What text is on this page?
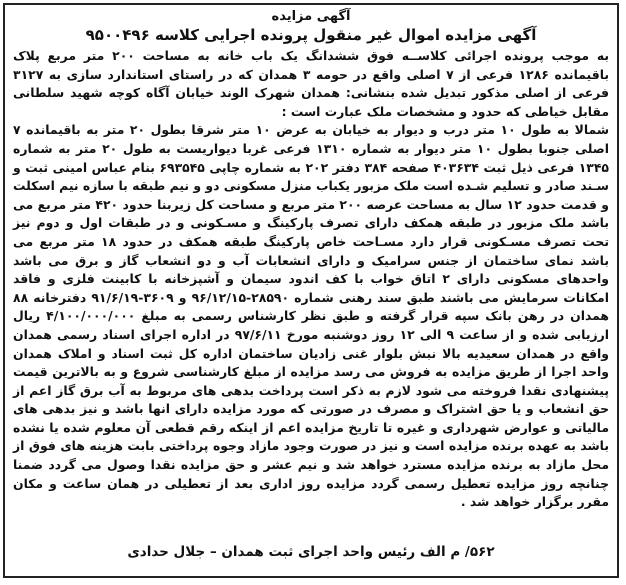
آگهی مزایده
آگهی مزایده اموال غیر منقول پرونده اجرایی کلاسه ۹۵۰۰۴۹۶

به موجب پرونده اجرائی کلاســه فوق ششدانگ یک باب خانه به مساحت ۲۰۰ متر مربع پلاک باقیمانده ۱۲۸۶ فرعی از ۷ اصلی واقع در حومه ۳ همدان که در راستای استاندارد سازی به ۳۱۲۷ فرعی از اصلی مذکور تبدیل شده بنشانی: همدان شهرک الوند خیابان آگاه کوچه شهید سلطانی مقابل خیاطی که حدود و مشخصات ملک عبارت است :

شمالا به طول ۱۰ متر درب و دیوار به خیابان به عرض ۱۰ متر شرقا بطول ۲۰ متر به باقیمانده ۷ اصلی جنوبا بطول ۱۰ متر دیوار به شماره ۱۳۱۰ فرعی غربا دیواریست به طول ۲۰ متر به شماره ۱۳۴۵ فرعی ذیل ثبت ۴۰۳۶۳۴ صفحه ۳۸۴ دفتر ۲۰۲ به شماره چاپی ۶۹۳۵۴۵ بنام عباس امینی ثبت و سـند صادر و تسلیم شـده است ملک مزبور یکباب منزل مسکونی دو و نیم طبقه با سازه نیم اسکلت و قدمت حدود ۱۲ سال به مساحت عرصه ۲۰۰ متر مربع و مساحت کل زیربنا حدود ۴۲۰ متر مربع می باشد ملک مزبور در طبقه همکف دارای تصرف پارکینگ و مسـکونی و در طبقات اول و دوم نیز تحت تصرف مسـکونی قرار دارد مسـاحت خاص پارکینگ طبقه همکف در حدود ۱۸ متر مربع می باشد نمای ساختمان از جنس سرامیک و دارای انشعابات آب و دو انشعاب گاز و برق می باشد واحدهای مسکونی دارای ۲ اتاق خواب با کف اندود سیمان و آشپزخانه با کابینت فلزی و فاقد امکانات سرمایش می باشند طبق سند رهنی شماره ۲۸۵۹۰-۹۶/۱۲/۱۵ و ۳۶۰۹-۹۱/۶/۱۹ دفترخانه ۸۸ همدان در رهن بانک سپه قرار گرفته و طبق نظر کارشناس رسمی به مبلغ ۴/۱۰۰/۰۰۰/۰۰۰ ریال ارزیابی شده و از ساعت ۹ الی ۱۲ روز دوشنبه مورخ ۹۷/۶/۱۱ در اداره اجرای اسناد رسمی همدان واقع در همدان سعیدیه بالا نبش بلوار غنی زادیان ساختمان اداره کل ثبت اسناد و املاک همدان واحد اجرا از طریق مزایده به فروش می رسد مزایده از مبلغ کارشناسی شروع و به بالاترین قیمت پیشنهادی نقدا فروخته می شود لازم به ذکر است پرداخت بدهی های مربوط به آب برق گاز اعم از حق انشعاب و یا حق اشتراک و مصرف در صورتی که مورد مزایده دارای انها باشد و نیز بدهی های مالیاتی و عوارض شهرداری و غیره تا تاریخ مزایده اعم از اینکه رقم قطعی آن معلوم شده یا نشده باشد به عهده برنده مزایده است و نیز در صورت وجود مازاد وجوه پرداختی بابت هزینه های فوق از محل مازاد به برنده مزایده مسترد خواهد شد و نیم عشر و حق مزایده نقدا وصول می گردد ضمنا چنانچه روز مزایده تعطیل رسمی گردد مزایده روز اداری بعد از تعطیلی در همان ساعت و مکان مقرر برگزار خواهد شد .

۵۶۲/ م الف رئیس واحد اجرای ثبت همدان – جلال حدادی
